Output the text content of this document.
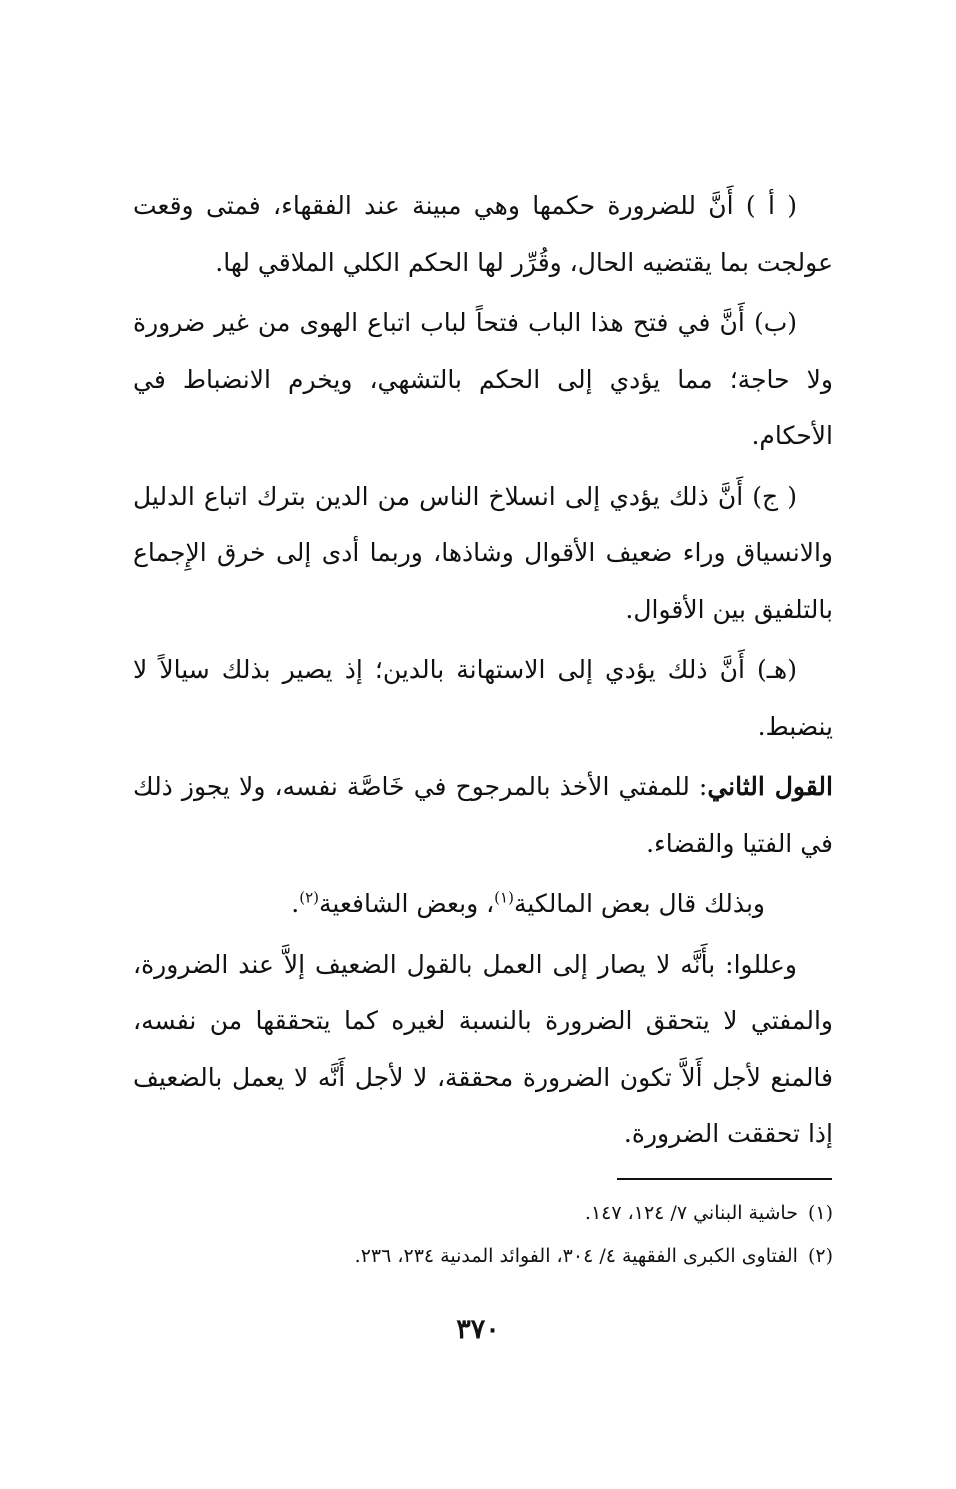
( أ ) أَنَّ للضرورة حكمها وهي مبينة عند الفقهاء، فمتى وقعت عولجت بما يقتضيه الحال، وقُرِّر لها الحكم الكلي الملاقي لها.

(ب) أَنَّ في فتح هذا الباب فتحاً لباب اتباع الهوى من غير ضرورة ولا حاجة؛ مما يؤدي إلى الحكم بالتشهي، ويخرم الانضباط في الأحكام.

( ج) أَنَّ ذلك يؤدي إلى انسلاخ الناس من الدين بترك اتباع الدليل والانسياق وراء ضعيف الأقوال وشاذها، وربما أدى إلى خرق الإِجماع بالتلفيق بين الأقوال.

(هـ) أَنَّ ذلك يؤدي إلى الاستهانة بالدين؛ إذ يصير بذلك سيالاً لا ينضبط.

القول الثاني: للمفتي الأخذ بالمرجوح في خَاصَّة نفسه، ولا يجوز ذلك في الفتيا والقضاء.

وبذلك قال بعض المالكية$^{(١)}$، وبعض الشافعية$^{(٢)}$.

وعللوا: بأَنَّه لا يصار إلى العمل بالقول الضعيف إلاَّ عند الضرورة، والمفتي لا يتحقق الضرورة بالنسبة لغيره كما يتحققها من نفسه، فالمنع لأجل أَلاَّ تكون الضرورة محققة، لا لأجل أَنَّه لا يعمل بالضعيف إذا تحققت الضرورة.

(١)حاشية البناني ٧/ ١٢٤، ١٤٧.
(٢)الفتاوى الكبرى الفقهية ٤/ ٣٠٤، الفوائد المدنية ٢٣٤، ٢٣٦.
٣٧٠
